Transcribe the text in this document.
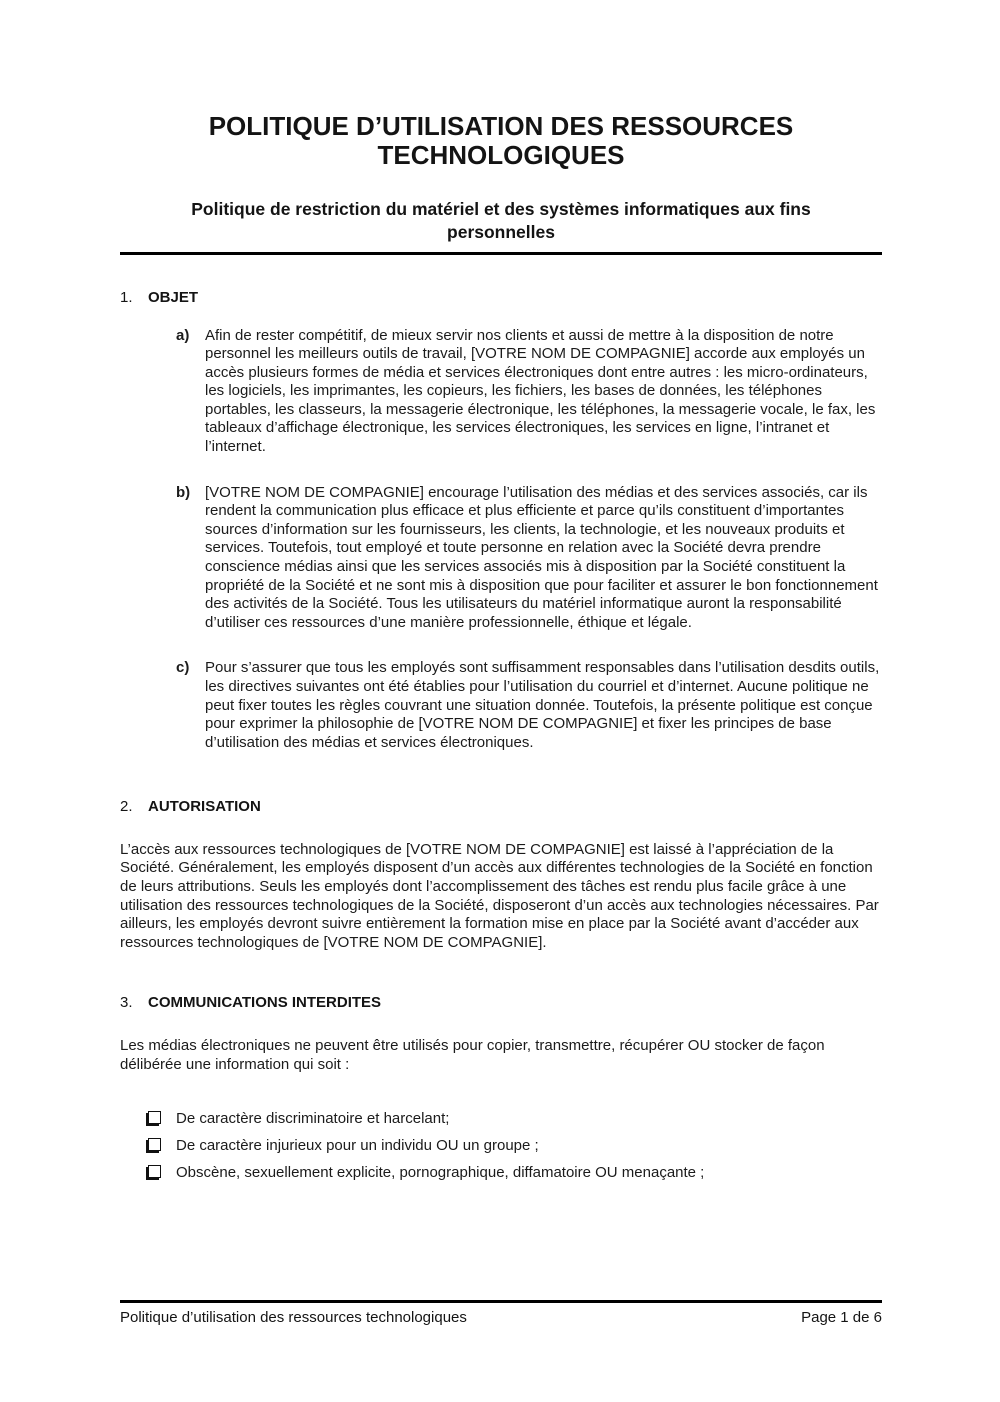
POLITIQUE D’UTILISATION DES RESSOURCES TECHNOLOGIQUES
Politique de restriction du matériel et des systèmes informatiques aux fins personnelles
1.	OBJET
a)	Afin de rester compétitif, de mieux servir nos clients et aussi de mettre à la disposition de notre personnel les meilleurs outils de travail, [VOTRE NOM DE COMPAGNIE] accorde aux employés un accès plusieurs formes de média et services électroniques dont entre autres : les micro-ordinateurs, les logiciels, les imprimantes, les copieurs, les fichiers, les bases de données, les téléphones portables, les classeurs, la messagerie électronique, les téléphones, la messagerie vocale, le fax, les tableaux d’affichage électronique, les services électroniques, les services en ligne, l’intranet et l’internet.
b) [VOTRE NOM DE COMPAGNIE] encourage l’utilisation des médias et des services associés, car ils rendent la communication plus efficace et plus efficiente et parce qu’ils constituent d’importantes sources d’information sur les fournisseurs, les clients, la technologie, et les nouveaux produits et services. Toutefois, tout employé et toute personne en relation avec la Société devra prendre conscience médias ainsi que les services associés mis à disposition par la Société constituent la propriété de la Société et ne sont mis à disposition que pour faciliter et assurer le bon fonctionnement des activités de la Société. Tous les utilisateurs du matériel informatique auront la responsabilité d’utiliser ces ressources d’une manière professionnelle, éthique et légale.
c)	Pour s’assurer que tous les employés sont suffisamment responsables dans l’utilisation desdits outils, les directives suivantes ont été établies pour l’utilisation du courriel et d’internet. Aucune politique ne peut fixer toutes les règles couvrant une situation donnée. Toutefois, la présente politique est conçue pour exprimer la philosophie de [VOTRE NOM DE COMPAGNIE] et fixer les principes de base d’utilisation des médias et services électroniques.
2.	AUTORISATION

L’accès aux ressources technologiques de [VOTRE NOM DE COMPAGNIE] est laissé à l’appréciation de la Société. Généralement, les employés disposent d’un accès aux différentes technologies de la Société en fonction de leurs attributions. Seuls les employés dont l’accomplissement des tâches est rendu plus facile grâce à une utilisation des ressources technologiques de la Société, disposeront d’un accès aux technologies nécessaires. Par ailleurs, les employés devront suivre entièrement la formation mise en place par la Société avant d’accéder aux ressources technologiques de [VOTRE NOM DE COMPAGNIE].

3.	COMMUNICATIONS INTERDITES

Les médias électroniques ne peuvent être utilisés pour copier, transmettre, récupérer OU stocker de façon délibérée une information qui soit :

De caractère discriminatoire et harcelant;
De caractère injurieux pour un individu OU un groupe ;
Obscène, sexuellement explicite, pornographique, diffamatoire OU menaçante ;
Politique d’utilisation des ressources technologiques	Page 1 de 6
